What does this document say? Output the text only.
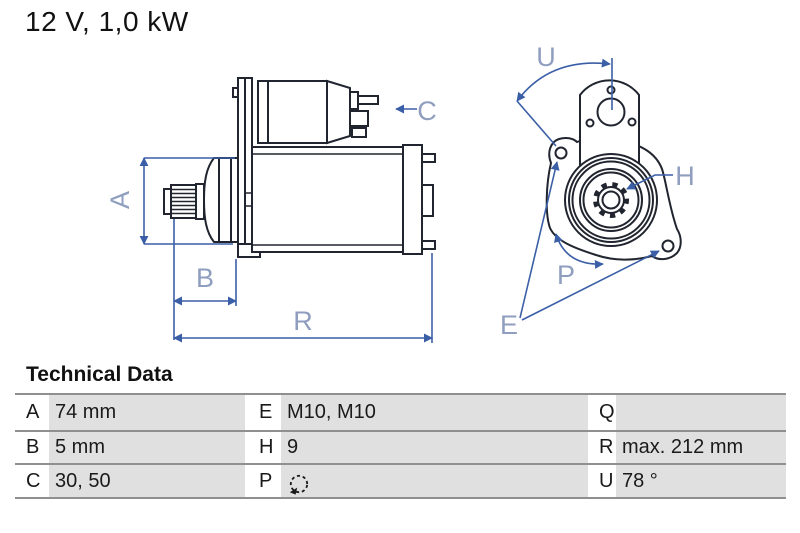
12 V, 1,0 kW
A
B
R
C
U
H
P
E
Technical Data
A 74 mm	E M10, M10	Q
B 5 mm	H 9	R max. 212 mm
C 30, 50	P	U 78 °
